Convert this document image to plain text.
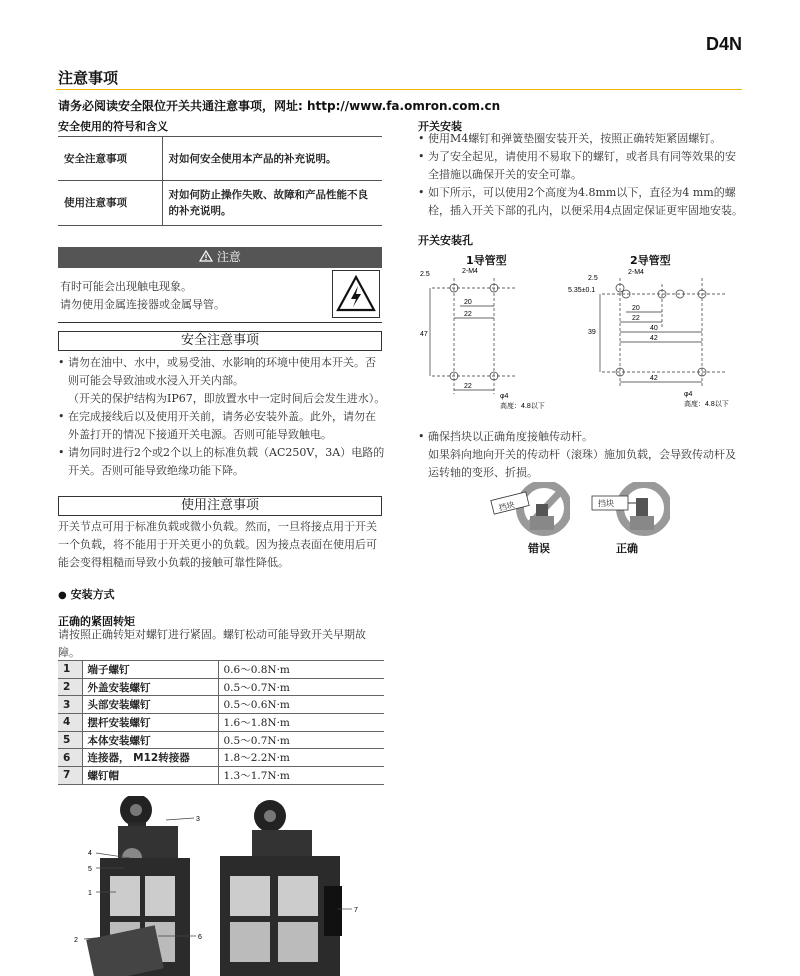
D4N
注意事项
请务必阅读安全限位开关共通注意事项，网址: http://www.fa.omron.com.cn
安全使用的符号和含义
安全注意事项	对如何安全使用本产品的补充说明。
使用注意事项	对如何防止操作失败、故障和产品性能不良的补充说明。
注意
有时可能会出现触电现象。
请勿使用金属连接器或金属导管。
安全注意事项
• 请勿在油中、水中，或易受油、水影响的环境中使用本开关。否则可能会导致油或水浸入开关内部。
（开关的保护结构为IP67，即放置水中一定时间后会发生进水）。
• 在完成接线后以及使用开关前，请务必安装外盖。此外，请勿在外盖打开的情况下接通开关电源。否则可能导致触电。
• 请勿同时进行2个或2个以上的标准负载（AC250V，3A）电路的开关。否则可能导致绝缘功能下降。
使用注意事项
开关节点可用于标准负载或微小负载。然而，一旦将接点用于开关一个负载，将不能用于开关更小的负载。因为接点表面在使用后可能会变得粗糙而导致小负载的接触可靠性降低。
● 安装方式
正确的紧固转矩
请按照正确转矩对螺钉进行紧固。螺钉松动可能导致开关早期故障。
1	端子螺钉	0.6～0.8N·m
2	外盖安装螺钉	0.5～0.7N·m
3	头部安装螺钉	0.5～0.6N·m
4	摆杆安装螺钉	1.6～1.8N·m
5	本体安装螺钉	0.5～0.7N·m
6	连接器， M12转接器	1.8～2.2N·m
7	螺钉帽	1.3～1.7N·m
3
4
5
1
2	6
7
开关安装
• 使用M4螺钉和弹簧垫圈安装开关，按照正确转矩紧固螺钉。
• 为了安全起见，请使用不易取下的螺钉，或者具有同等效果的安全措施以确保开关的安全可靠。
• 如下所示，可以使用2个高度为4.8mm以下，直径为4 mm的螺栓，插入开关下部的孔内，以便采用4点固定保证更牢固地安装。
开关安装孔
1导管型
2.5	2-M4
20
22
47
22
φ4
高度：4.8以下
2导管型
2.5
2-M4
5.35±0.1
20
22
40
42
39
42
φ4
高度：4.8以下
• 确保挡块以正确角度接触传动杆。
如果斜向地向开关的传动杆（滚珠）施加负载，会导致传动杆及运转轴的变形、折损。
挡块
错误
挡块
正确
